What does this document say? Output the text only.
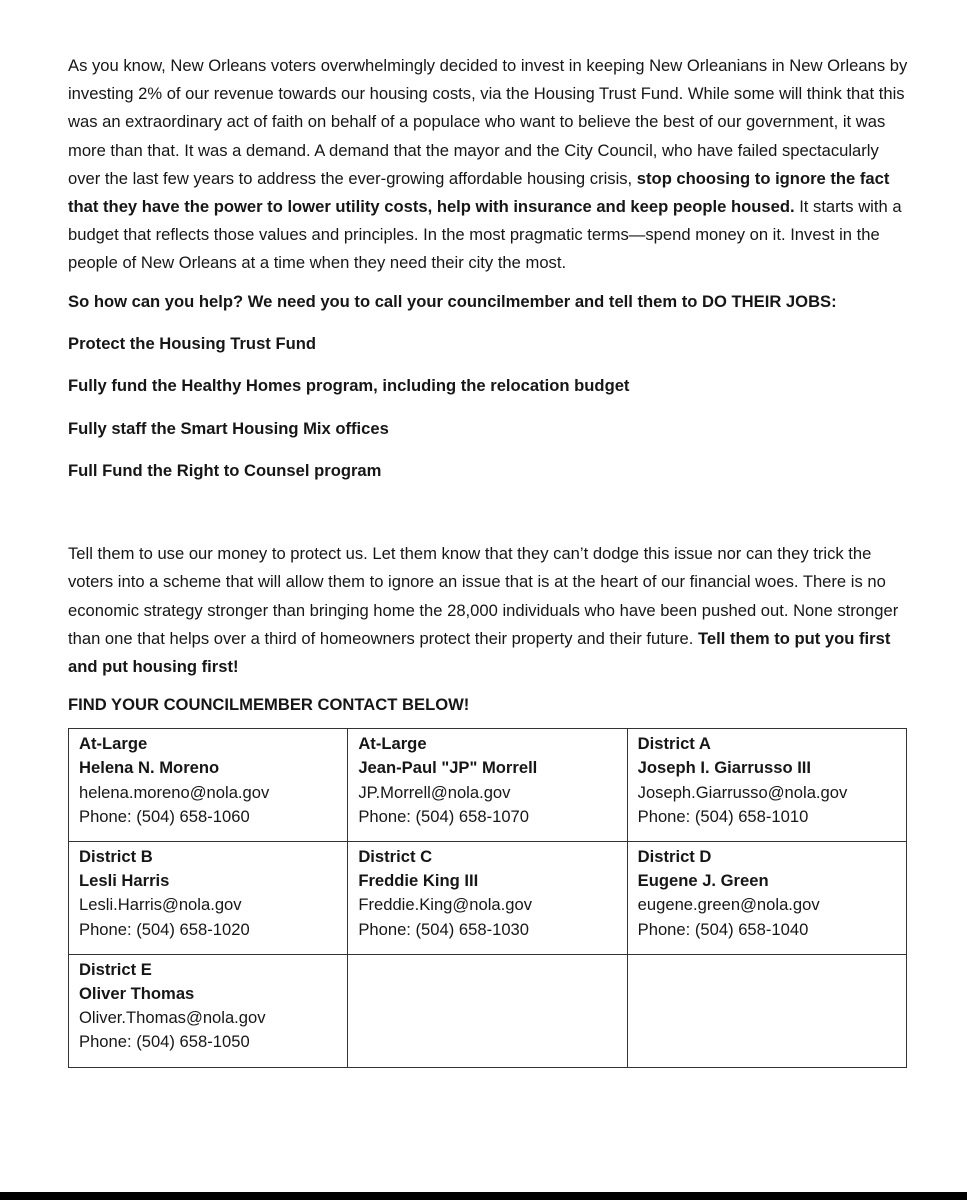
As you know, New Orleans voters overwhelmingly decided to invest in keeping New Orleanians in New Orleans by investing 2% of our revenue towards our housing costs, via the Housing Trust Fund. While some will think that this was an extraordinary act of faith on behalf of a populace who want to believe the best of our government, it was more than that. It was a demand. A demand that the mayor and the City Council, who have failed spectacularly over the last few years to address the ever-growing affordable housing crisis, stop choosing to ignore the fact that they have the power to lower utility costs, help with insurance and keep people housed. It starts with a budget that reflects those values and principles. In the most pragmatic terms—spend money on it. Invest in the people of New Orleans at a time when they need their city the most.

So how can you help? We need you to call your councilmember and tell them to DO THEIR JOBS:

Protect the Housing Trust Fund
Fully fund the Healthy Homes program, including the relocation budget
Fully staff the Smart Housing Mix offices
Full Fund the Right to Counsel program

Tell them to use our money to protect us. Let them know that they can’t dodge this issue nor can they trick the voters into a scheme that will allow them to ignore an issue that is at the heart of our financial woes. There is no economic strategy stronger than bringing home the 28,000 individuals who have been pushed out. None stronger than one that helps over a third of homeowners protect their property and their future. Tell them to put you first and put housing first!

FIND YOUR COUNCILMEMBER CONTACT BELOW!

At-Large
Helena N. Moreno
helena.moreno@nola.gov
Phone: (504) 658-1060	At-Large
Jean-Paul "JP" Morrell
JP.Morrell@nola.gov
Phone: (504) 658-1070	District A
Joseph I. Giarrusso III
Joseph.Giarrusso@nola.gov
Phone: (504) 658-1010

District B
Lesli Harris
Lesli.Harris@nola.gov
Phone: (504) 658-1020	District C
Freddie King III
Freddie.King@nola.gov
Phone: (504) 658-1030	District D
Eugene J. Green
eugene.green@nola.gov
Phone: (504) 658-1040

District E
Oliver Thomas
Oliver.Thomas@nola.gov
Phone: (504) 658-1050		
